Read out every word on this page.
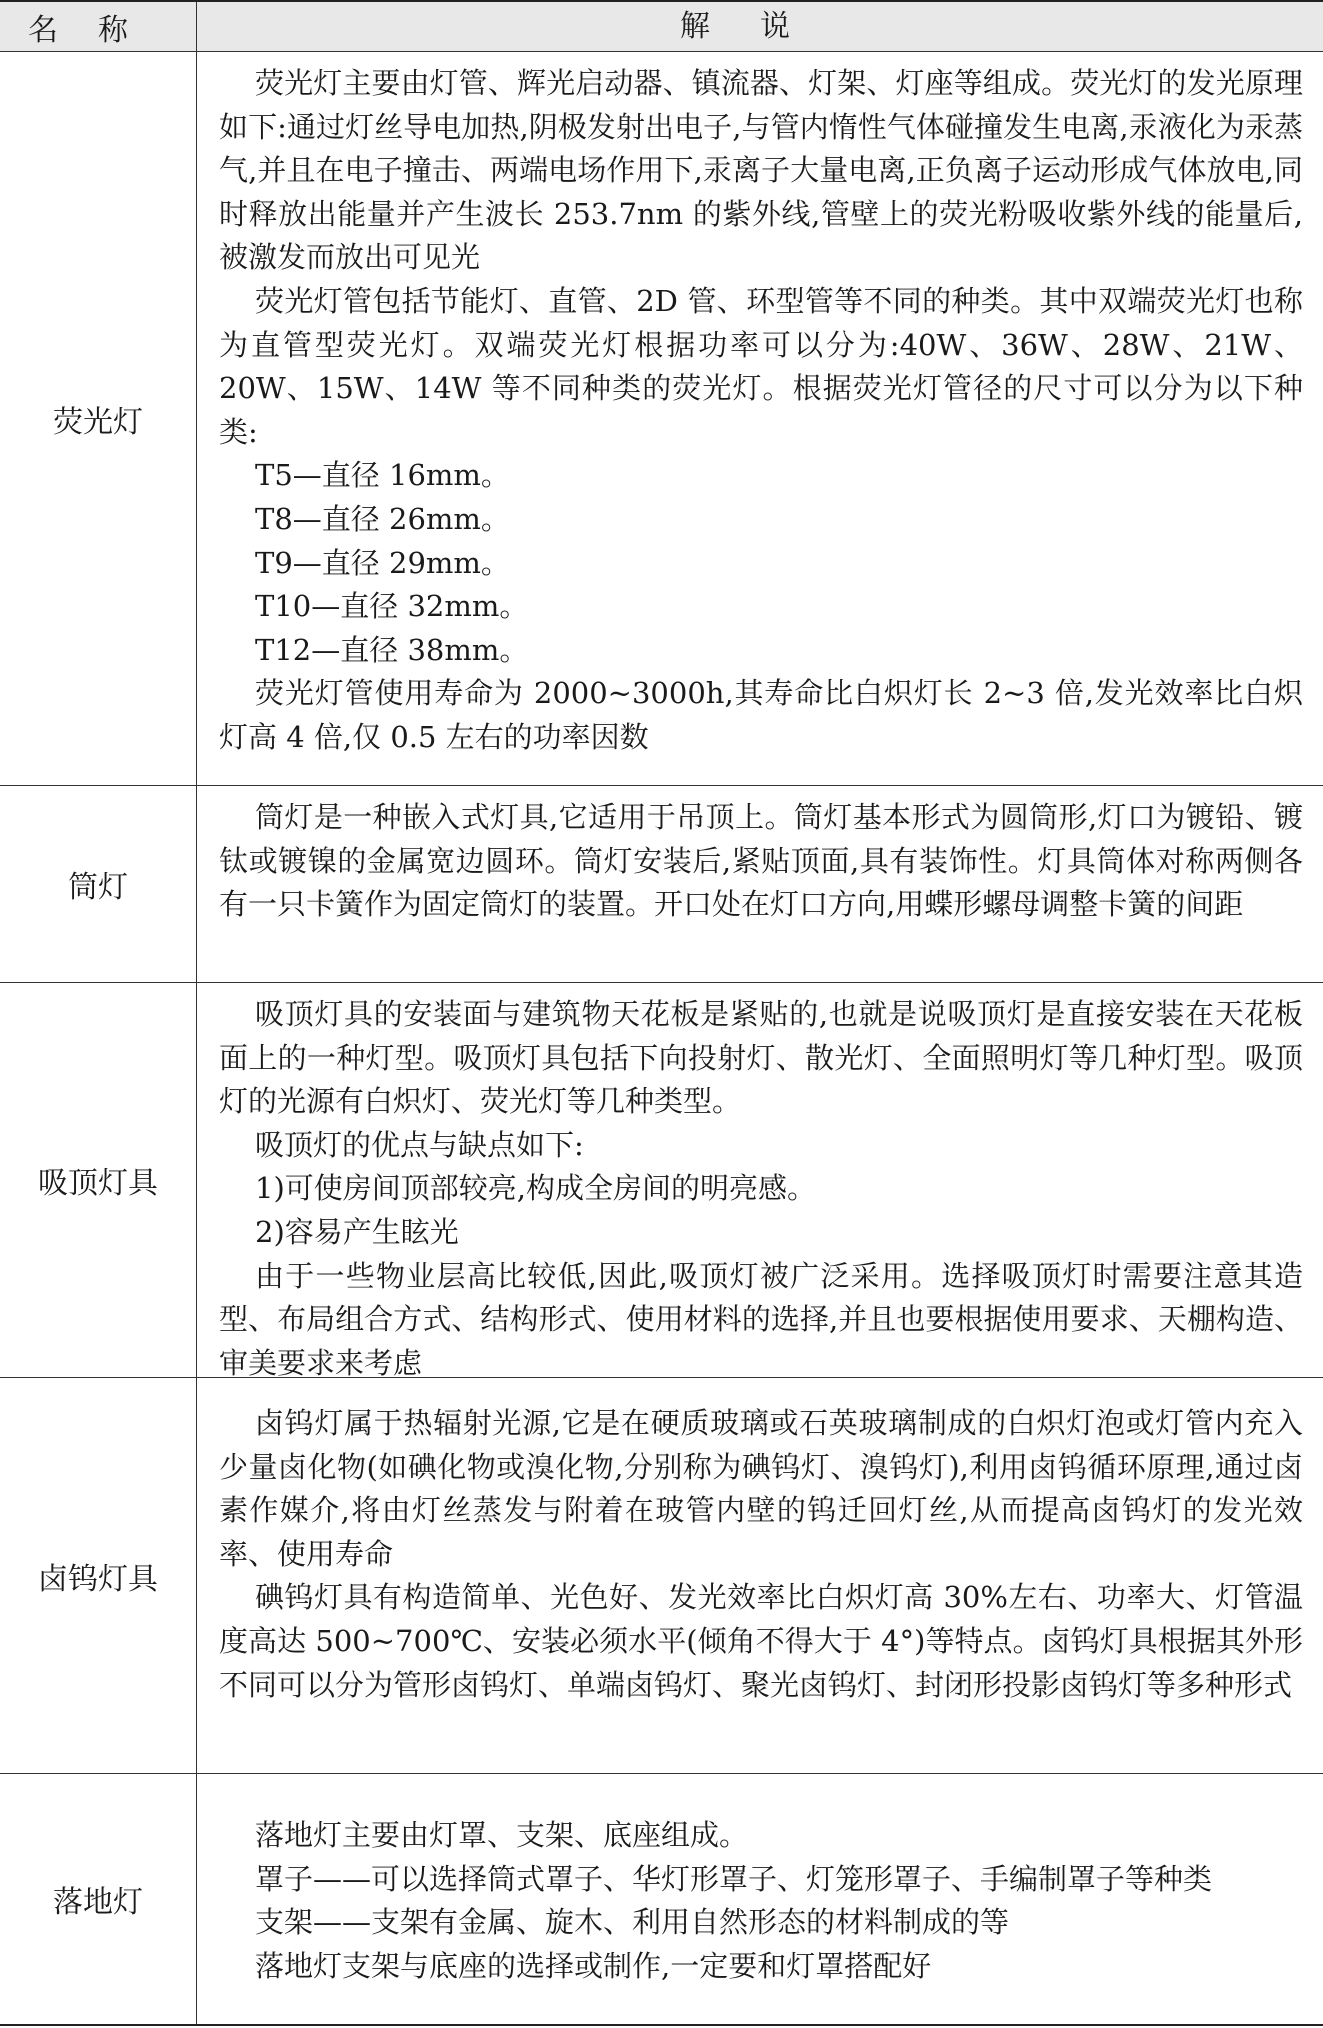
名称	解说
荧光灯

荧光灯主要由灯管、辉光启动器、镇流器、灯架、灯座等组成。荧光灯的发光原理如下:通过灯丝导电加热,阴极发射出电子,与管内惰性气体碰撞发生电离,汞液化为汞蒸气,并且在电子撞击、两端电场作用下,汞离子大量电离,正负离子运动形成气体放电,同时释放出能量并产生波长 253.7nm 的紫外线,管壁上的荧光粉吸收紫外线的能量后,被激发而放出可见光

荧光灯管包括节能灯、直管、2D 管、环型管等不同的种类。其中双端荧光灯也称为直管型荧光灯。双端荧光灯根据功率可以分为:40W、36W、28W、21W、20W、15W、14W 等不同种类的荧光灯。根据荧光灯管径的尺寸可以分为以下种类:

T5—直径 16mm。

T8—直径 26mm。

T9—直径 29mm。

T10—直径 32mm。

T12—直径 38mm。

荧光灯管使用寿命为 2000~3000h,其寿命比白炽灯长 2~3 倍,发光效率比白炽灯高 4 倍,仅 0.5 左右的功率因数

筒灯

筒灯是一种嵌入式灯具,它适用于吊顶上。筒灯基本形式为圆筒形,灯口为镀铅、镀钛或镀镍的金属宽边圆环。筒灯安装后,紧贴顶面,具有装饰性。灯具筒体对称两侧各有一只卡簧作为固定筒灯的装置。开口处在灯口方向,用蝶形螺母调整卡簧的间距

吸顶灯具

吸顶灯具的安装面与建筑物天花板是紧贴的,也就是说吸顶灯是直接安装在天花板面上的一种灯型。吸顶灯具包括下向投射灯、散光灯、全面照明灯等几种灯型。吸顶灯的光源有白炽灯、荧光灯等几种类型。

吸顶灯的优点与缺点如下:

1)可使房间顶部较亮,构成全房间的明亮感。

2)容易产生眩光

由于一些物业层高比较低,因此,吸顶灯被广泛采用。选择吸顶灯时需要注意其造型、布局组合方式、结构形式、使用材料的选择,并且也要根据使用要求、天棚构造、审美要求来考虑

卤钨灯具

卤钨灯属于热辐射光源,它是在硬质玻璃或石英玻璃制成的白炽灯泡或灯管内充入少量卤化物(如碘化物或溴化物,分别称为碘钨灯、溴钨灯),利用卤钨循环原理,通过卤素作媒介,将由灯丝蒸发与附着在玻管内壁的钨迁回灯丝,从而提高卤钨灯的发光效率、使用寿命

碘钨灯具有构造简单、光色好、发光效率比白炽灯高 30%左右、功率大、灯管温度高达 500~700℃、安装必须水平(倾角不得大于 4°)等特点。卤钨灯具根据其外形不同可以分为管形卤钨灯、单端卤钨灯、聚光卤钨灯、封闭形投影卤钨灯等多种形式

落地灯

落地灯主要由灯罩、支架、底座组成。

罩子——可以选择筒式罩子、华灯形罩子、灯笼形罩子、手编制罩子等种类

支架——支架有金属、旋木、利用自然形态的材料制成的等

落地灯支架与底座的选择或制作,一定要和灯罩搭配好
